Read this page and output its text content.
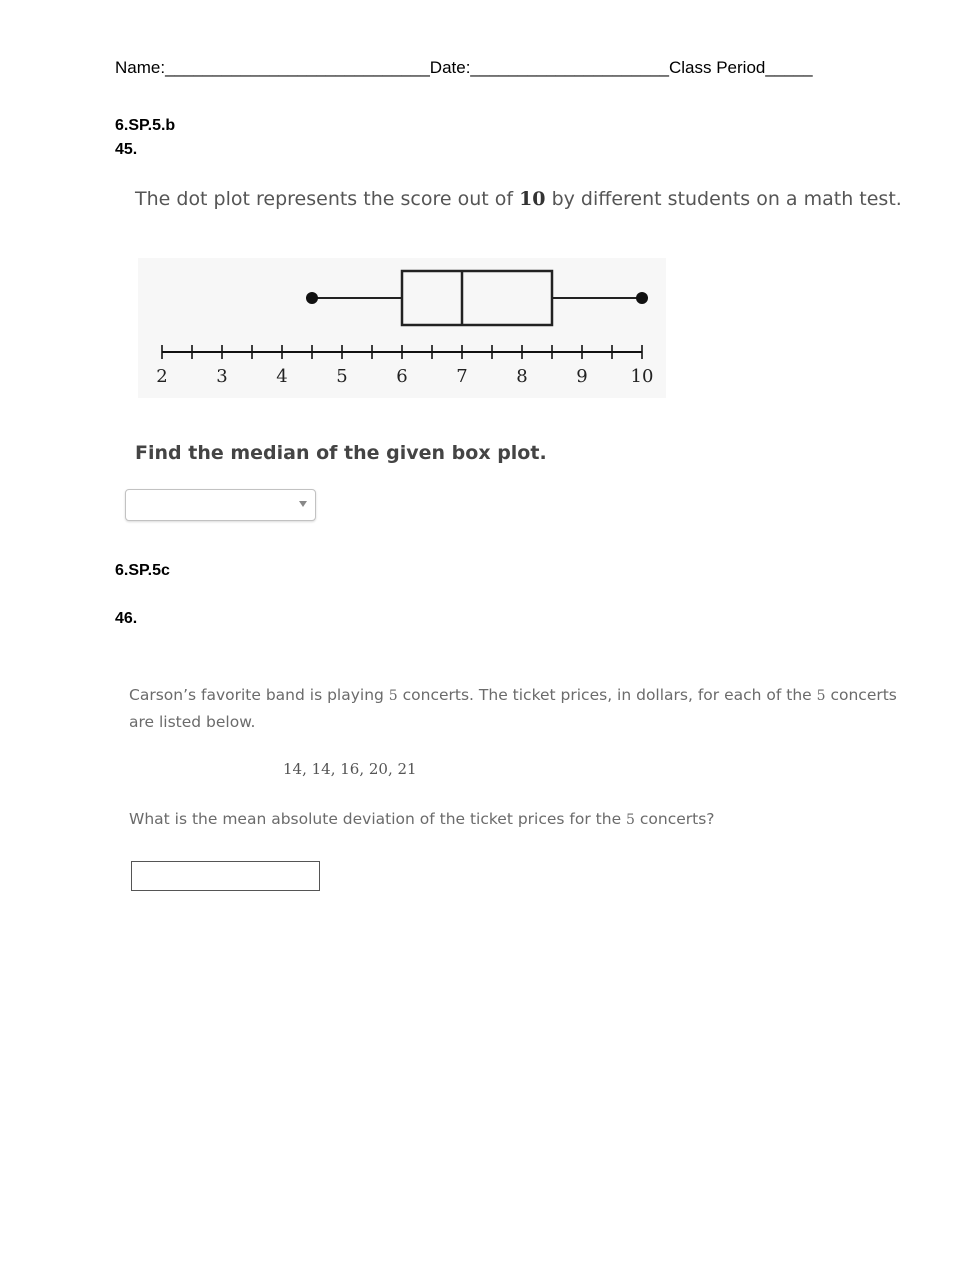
Name:____________________________Date:_____________________Class Period_____
6.SP.5.b
45.
The dot plot represents the score out of 10 by different students on a math test.
2	3	4	5	6	7	8	9 10
Find the median of the given box plot.
6.SP.5c
46.
Carson’s favorite band is playing 5 concerts. The ticket prices, in dollars, for each of the 5 concerts are listed below.
14, 14, 16, 20, 21
What is the mean absolute deviation of the ticket prices for the 5 concerts?
